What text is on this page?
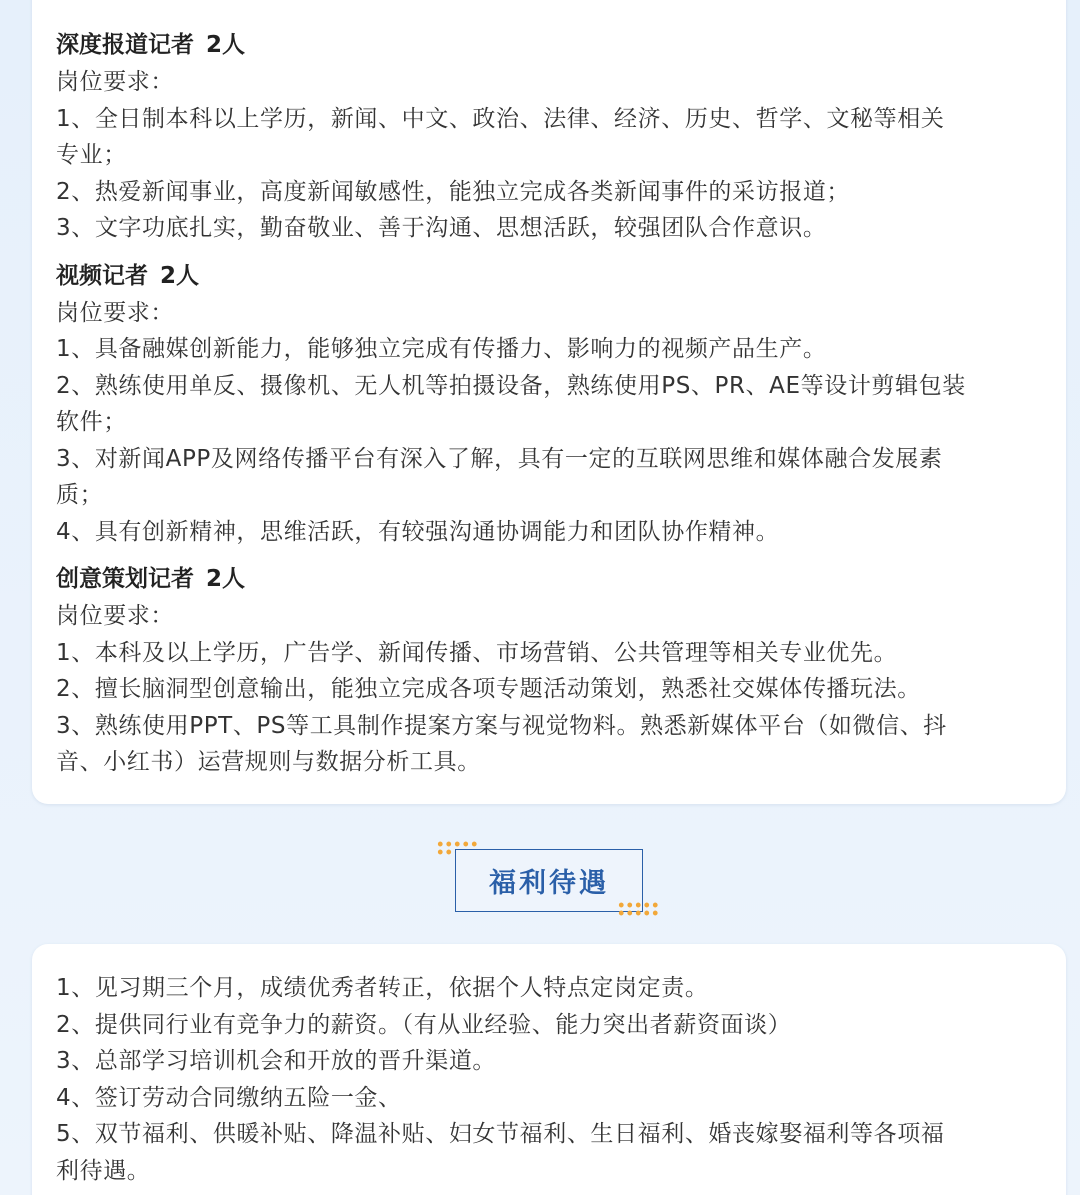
深度报道记者 2人
岗位要求：
1、全日制本科以上学历，新闻、中文、政治、法律、经济、历史、哲学、文秘等相关
专业；
2、热爱新闻事业，高度新闻敏感性，能独立完成各类新闻事件的采访报道；
3、文字功底扎实，勤奋敬业、善于沟通、思想活跃，较强团队合作意识。
视频记者 2人
岗位要求：
1、具备融媒创新能力，能够独立完成有传播力、影响力的视频产品生产。
2、熟练使用单反、摄像机、无人机等拍摄设备，熟练使用PS、PR、AE等设计剪辑包装
软件；
3、对新闻APP及网络传播平台有深入了解，具有一定的互联网思维和媒体融合发展素
质；
4、具有创新精神，思维活跃，有较强沟通协调能力和团队协作精神。
创意策划记者 2人
岗位要求：
1、本科及以上学历，广告学、新闻传播、市场营销、公共管理等相关专业优先。
2、擅长脑洞型创意输出，能独立完成各项专题活动策划，熟悉社交媒体传播玩法。
3、熟练使用PPT、PS等工具制作提案方案与视觉物料。熟悉新媒体平台（如微信、抖
音、小红书）运营规则与数据分析工具。
福利待遇
1、见习期三个月，成绩优秀者转正，依据个人特点定岗定责。
2、提供同行业有竞争力的薪资。（有从业经验、能力突出者薪资面谈）
3、总部学习培训机会和开放的晋升渠道。
4、签订劳动合同缴纳五险一金、
5、双节福利、供暖补贴、降温补贴、妇女节福利、生日福利、婚丧嫁娶福利等各项福
利待遇。
